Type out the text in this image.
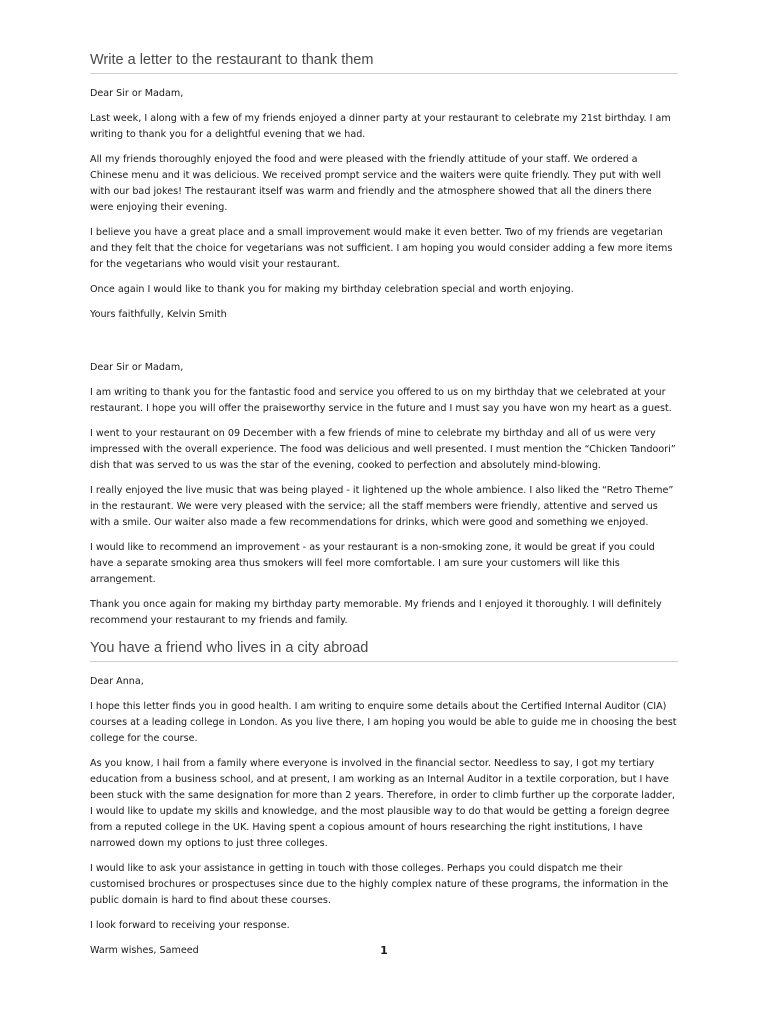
Write a letter to the restaurant to thank them

Dear Sir or Madam,

Last week, I along with a few of my friends enjoyed a dinner party at your restaurant to celebrate my 21st birthday. I am writing to thank you for a delightful evening that we had.

All my friends thoroughly enjoyed the food and were pleased with the friendly attitude of your staff. We ordered a Chinese menu and it was delicious. We received prompt service and the waiters were quite friendly. They put with well with our bad jokes! The restaurant itself was warm and friendly and the atmosphere showed that all the diners there were enjoying their evening.

I believe you have a great place and a small improvement would make it even better. Two of my friends are vegetarian and they felt that the choice for vegetarians was not sufficient. I am hoping you would consider adding a few more items for the vegetarians who would visit your restaurant.

Once again I would like to thank you for making my birthday celebration special and worth enjoying.

Yours faithfully, Kelvin Smith

Dear Sir or Madam,

I am writing to thank you for the fantastic food and service you offered to us on my birthday that we celebrated at your restaurant. I hope you will offer the praiseworthy service in the future and I must say you have won my heart as a guest.

I went to your restaurant on 09 December with a few friends of mine to celebrate my birthday and all of us were very impressed with the overall experience. The food was delicious and well presented. I must mention the “Chicken Tandoori” dish that was served to us was the star of the evening, cooked to perfection and absolutely mind-blowing.

I really enjoyed the live music that was being played - it lightened up the whole ambience. I also liked the “Retro Theme” in the restaurant. We were very pleased with the service; all the staff members were friendly, attentive and served us with a smile. Our waiter also made a few recommendations for drinks, which were good and something we enjoyed.

I would like to recommend an improvement - as your restaurant is a non-smoking zone, it would be great if you could have a separate smoking area thus smokers will feel more comfortable. I am sure your customers will like this arrangement.

Thank you once again for making my birthday party memorable. My friends and I enjoyed it thoroughly. I will definitely recommend your restaurant to my friends and family.

You have a friend who lives in a city abroad

Dear Anna,

I hope this letter finds you in good health. I am writing to enquire some details about the Certified Internal Auditor (CIA) courses at a leading college in London. As you live there, I am hoping you would be able to guide me in choosing the best college for the course.

As you know, I hail from a family where everyone is involved in the financial sector. Needless to say, I got my tertiary education from a business school, and at present, I am working as an Internal Auditor in a textile corporation, but I have been stuck with the same designation for more than 2 years. Therefore, in order to climb further up the corporate ladder, I would like to update my skills and knowledge, and the most plausible way to do that would be getting a foreign degree from a reputed college in the UK. Having spent a copious amount of hours researching the right institutions, I have narrowed down my options to just three colleges.

I would like to ask your assistance in getting in touch with those colleges. Perhaps you could dispatch me their customised brochures or prospectuses since due to the highly complex nature of these programs, the information in the public domain is hard to find about these courses.

I look forward to receiving your response.

Warm wishes, Sameed	1
